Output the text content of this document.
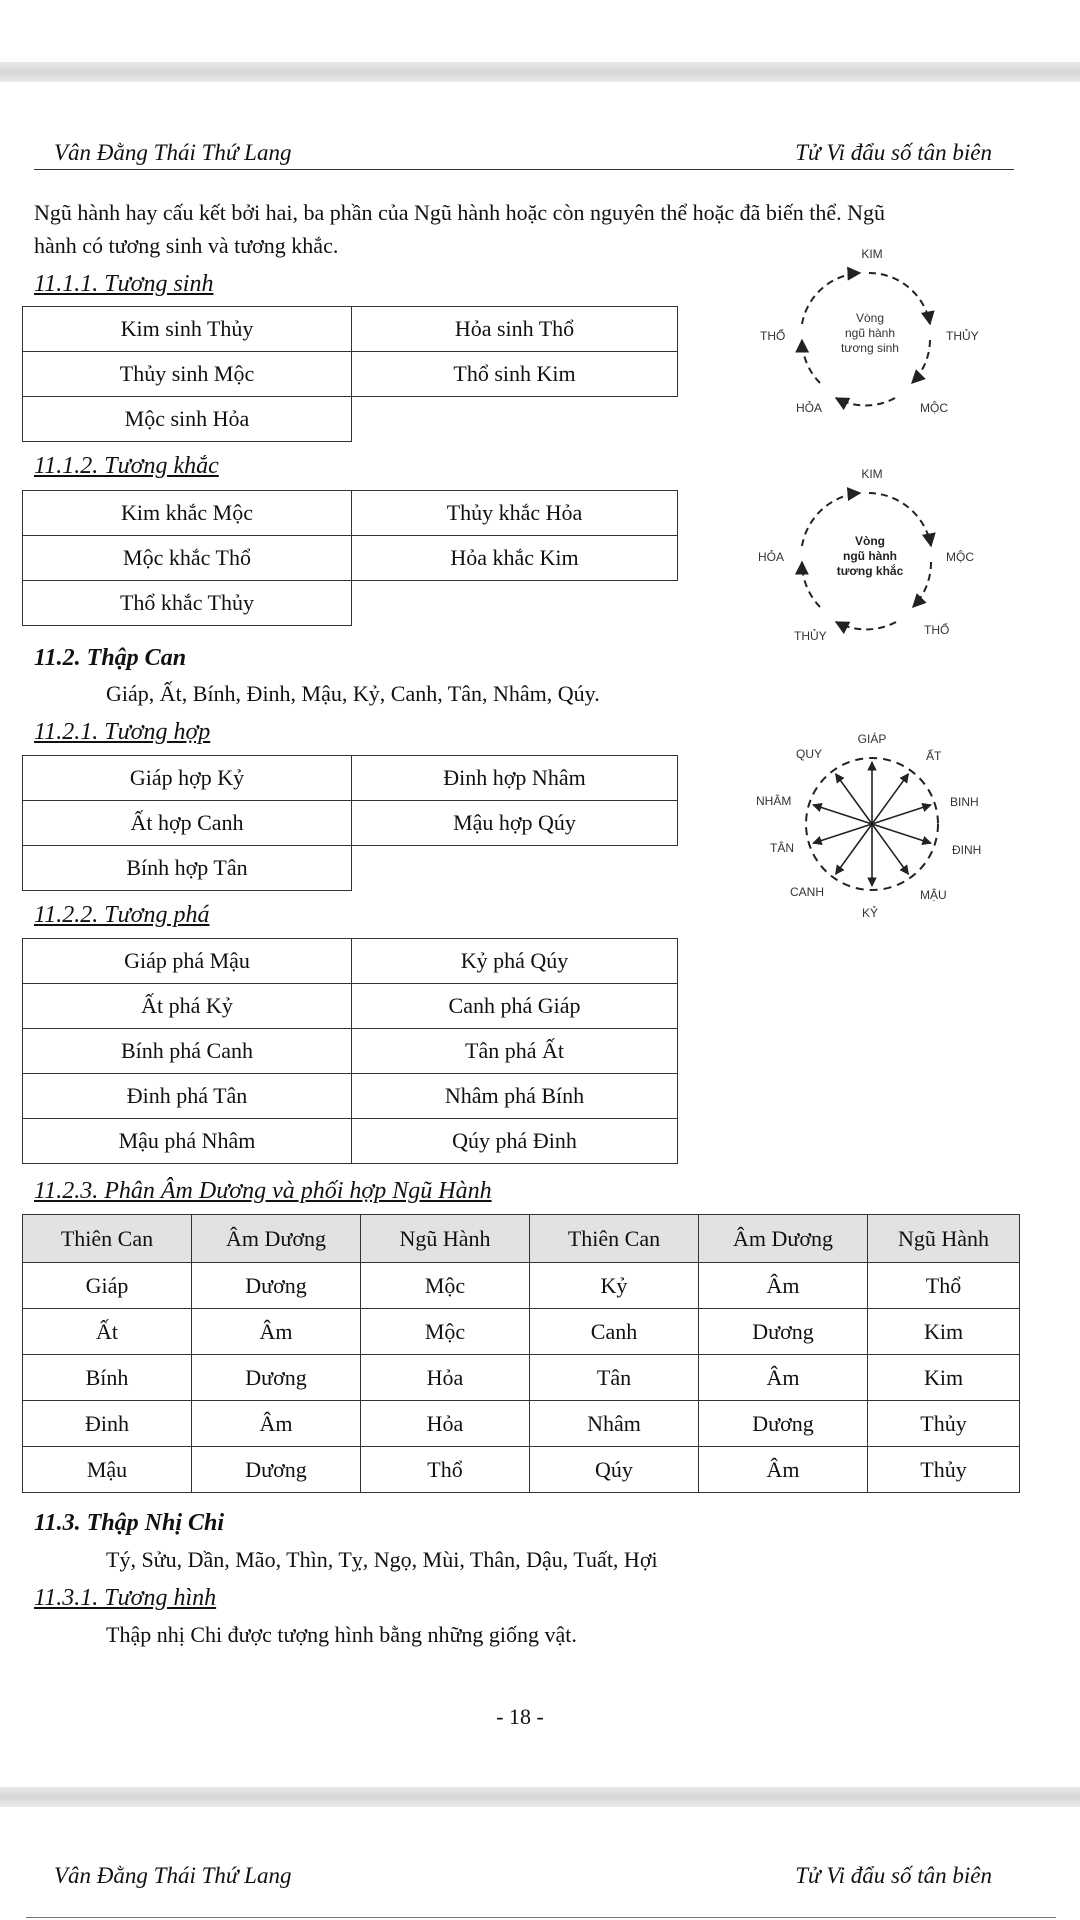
Vân Đằng Thái Thứ Lang	Tử Vi đẩu số tân biên
Ngũ hành hay cấu kết bởi hai, ba phần của Ngũ hành hoặc còn nguyên thể hoặc đã biến thể. Ngũ
hành có tương sinh và tương khắc.
11.1.1. Tương sinh
Kim sinh Thủy	Hỏa sinh Thổ
Thủy sinh Mộc	Thổ sinh Kim
Mộc sinh Hỏa	
11.1.2. Tương khắc
Kim khắc Mộc	Thủy khắc Hỏa
Mộc khắc Thổ	Hỏa khắc Kim
Thổ khắc Thủy	
11.2. Thập Can
Giáp, Ất, Bính, Đinh, Mậu, Kỷ, Canh, Tân, Nhâm, Qúy.
11.2.1. Tương hợp
Giáp hợp Kỷ	Đinh hợp Nhâm
Ất hợp Canh	Mậu hợp Qúy
Bính hợp Tân	
11.2.2. Tương phá
Giáp phá Mậu	Kỷ phá Qúy
Ất phá Kỷ	Canh phá Giáp
Bính phá Canh	Tân phá Ất
Đinh phá Tân	Nhâm phá Bính
Mậu phá Nhâm	Qúy phá Đinh
11.2.3. Phân Âm Dương và phối hợp Ngũ Hành
Thiên Can	Âm Dương	Ngũ Hành	Thiên Can	Âm Dương	Ngũ Hành
Giáp	Dương	Mộc	Kỷ	Âm	Thổ
Ất	Âm	Mộc	Canh	Dương	Kim
Bính	Dương	Hỏa	Tân	Âm	Kim
Đinh	Âm	Hỏa	Nhâm	Dương	Thủy
Mậu	Dương	Thổ	Qúy	Âm	Thủy
11.3. Thập Nhị Chi
Tý, Sửu, Dần, Mão, Thìn, Tỵ, Ngọ, Mùi, Thân, Dậu, Tuất, Hợi
11.3.1. Tương hình
Thập nhị Chi được tượng hình bằng những giống vật.
- 18 -
Vân Đằng Thái Thứ Lang	Tử Vi đẩu số tân biên
KIM
THỦY
MỘC
HỎA
THỔ
Vòng
ngũ hành
tương sinh
KIM
MỘC
THỔ
THỦY
HỎA
Vòng
ngũ hành
tương khắc
GIÁP
ẤT
BINH
ĐINH
MẬU
KỶ
CANH
TÂN
NHÂM
QUY
